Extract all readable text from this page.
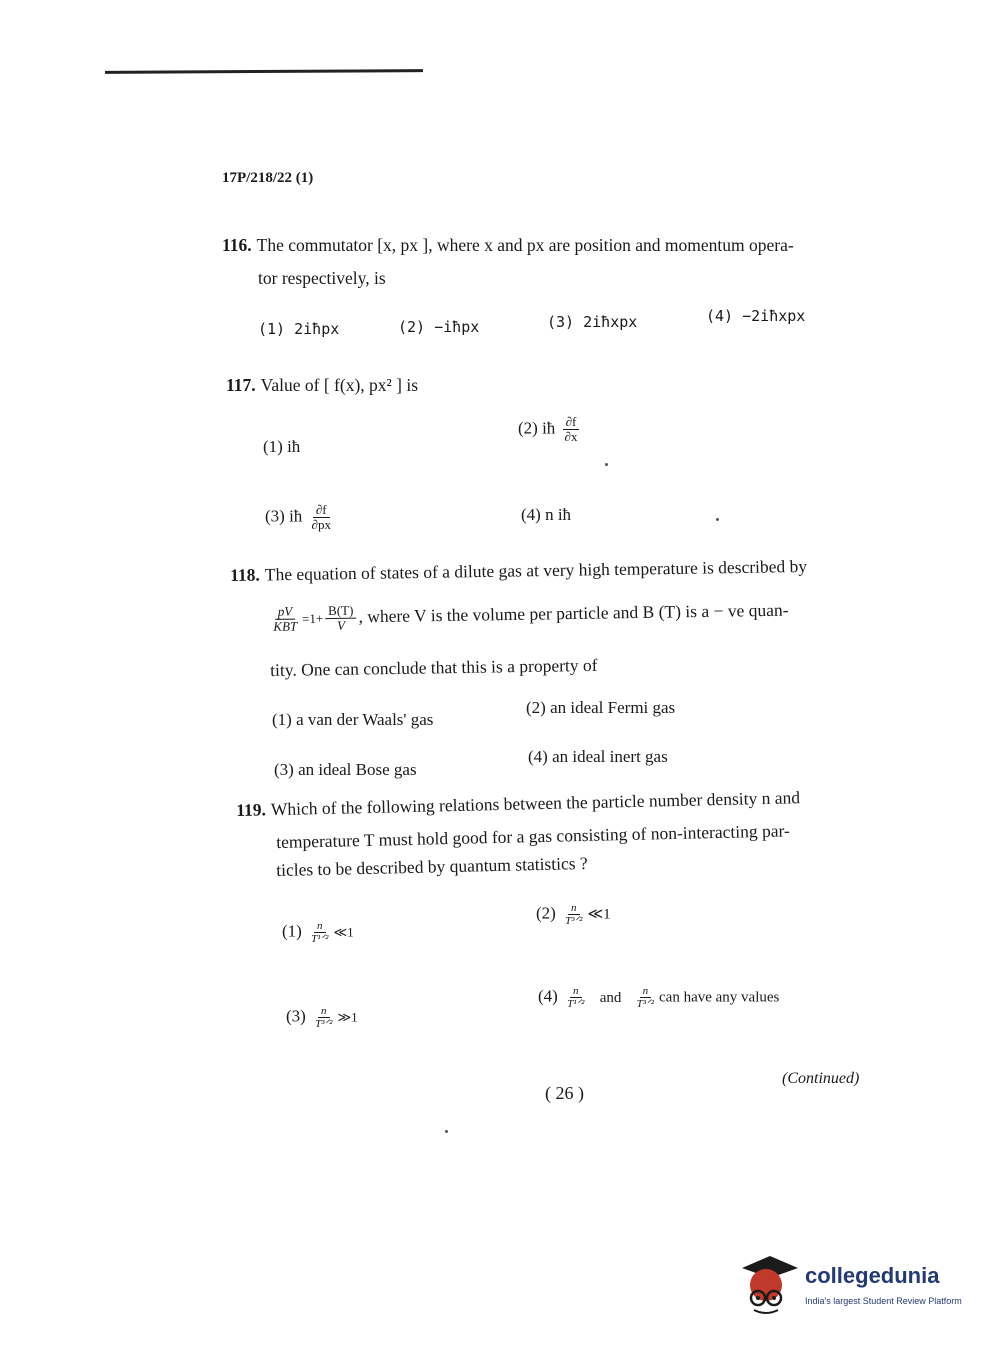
17P/218/22 (1)
116. The commutator [x, px ], where x and px are position and momentum opera-
tor respectively, is
(1) 2iħpx	(2) −iħpx	(3) 2iħxpx	(4) −2iħxpx
117. Value of [ f(x), px² ] is
(1) iħ
(2) iħ $\frac{\partial f}{\partial x}$
(3) iħ $\frac{\partial f}{\partial px}$	(4) n iħ
118. The equation of states of a dilute gas at very high temperature is described by
$\frac{pV}{\text{KBT}} =1+ \frac{B(T)}{V}$ , where V is the volume per particle and B (T) is a − ve quan-
tity. One can conclude that this is a property of
(1) a van der Waals' gas
(2) an ideal Fermi gas
(3) an ideal Bose gas
(4) an ideal inert gas
119. Which of the following relations between the particle number density n and
temperature T must hold good for a gas consisting of non-interacting par-
ticles to be described by quantum statistics ?
$(1) \frac{n}{\text{T¹ᐟ²}}$ ≪1
$(2) \frac{n}{\text{T³ᐟ²}}$ ≪1
$(3) \frac{n}{\text{T³ᐟ²}}$ ≫1
$(4) \frac{n}{\text{T¹ᐟ²}}$ and $\frac{n}{\text{T³ᐟ²}}$ can have any values
( 26 )
(Continued)
collegedunia
India's largest Student Review Platform
